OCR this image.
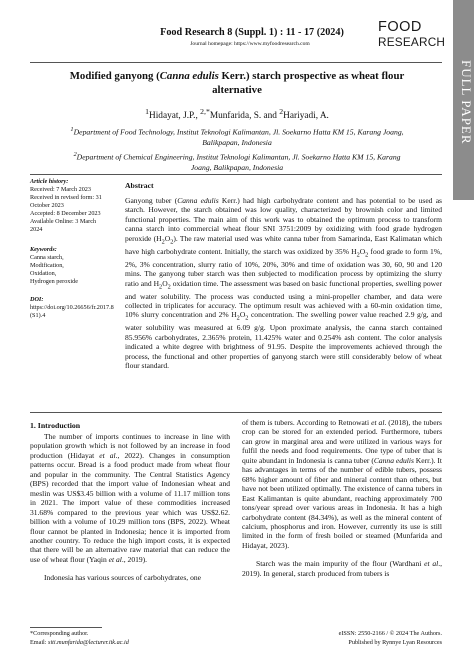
Food Research 8 (Suppl. 1) : 11 - 17 (2024)
Journal homepage: https://www.myfoodresearch.com
FOOD
RESEARCH
FULL PAPER
Modified ganyong (Canna edulis Kerr.) starch prospective as wheat flour
alternative
$^1$Hidayat, J.P., $^{2,*}$Munfarida, S. and $^2$Hariyadi, A.
$^1$Department of Food Technology, Institut Teknologi Kalimantan, Jl. Soekarno Hatta KM 15, Karang Joang,
Balikpapan, Indonesia
$^2$Department of Chemical Engineering, Institut Teknologi Kalimantan, Jl. Soekarno Hatta KM 15, Karang
Joang, Balikpapan, Indonesia
Article history:
Received: 7 March 2023
Received in revised form: 31
October 2023
Accepted: 8 December 2023
Available Online: 3 March
2024
Keywords:
Canna starch,
Modification,
Oxidation,
Hydrogen peroxide
DOI:
https://doi.org/10.26656/fr.2017.8(S1).4
Abstract
Ganyong tuber (Canna edulis Kerr.) had high carbohydrate content and has potential to be used as starch. However, the starch obtained was low quality, characterized by brownish color and limited functional properties. The main aim of this work was to obtained the optimum process to transform canna starch into commercial wheat flour SNI 3751:2009 by oxidizing with food grade hydrogen peroxide $(H_2O_2)$. The raw material used was white canna tuber from Samarinda, East Kalimatan which have high carbohydrate content. Initially, the starch was oxidized by 35% $H_2O_2$ food grade to form 1%, 2%, 3% concentration, slurry ratio of 10%, 20%, 30% and time of oxidation was 30, 60, 90 and 120 mins. The ganyong tuber starch was then subjected to modification process by optimizing the slurry ratio and $H_2O_2$ oxidation time. The assessment was based on basic functional properties, swelling power and water solubility. The process was conducted using a mini-propeller chamber, and data were collected in triplicates for accuracy. The optimum result was achieved with a 60-min oxidation time, 10% slurry concentration and 2% $H_2O_2$ concentration. The swelling power value reached 2.9 g/g, and water solubility was measured at 6.09 g/g. Upon proximate analysis, the canna starch contained 85.956% carbohydrates, 2.365% protein, 11.425% water and 0.254% ash content. The color analysis indicated a white degree with brightness of 91.95. Despite the improvements achieved through the process, the functional and other properties of ganyong starch were still considerably below of wheat flour standard.
1. Introduction

The number of imports continues to increase in line with population growth which is not followed by an increase in food production (Hidayat et al., 2022). Changes in consumption patterns occur. Bread is a food product made from wheat flour and popular in the community. The Central Statistics Agency (BPS) recorded that the import value of Indonesian wheat and meslin was US$3.45 billion with a volume of 11.17 million tons in 2021. The import value of these commodities increased 31.68% compared to the previous year which was US$2.62. billion with a volume of 10.29 million tons (BPS, 2022). Wheat flour cannot be planted in Indonesia; hence it is imported from another country. To reduce the high import costs, it is expected that there will be an alternative raw material that can reduce the use of wheat flour (Yaqin et al., 2019).

Indonesia has various sources of carbohydrates, one

of them is tubers. According to Retnowati et al. (2018), the tubers crop can be stored for an extended period. Furthermore, tubers can grow in marginal area and were utilized in various ways for fulfil the needs and food requirements. One type of tuber that is quite abundant in Indonesia is canna tuber (Canna edulis Kerr.). It has advantages in terms of the number of edible tubers, possess 68% higher amount of fiber and mineral content than others, but have not been utilized optimally. The existence of canna tubers in East Kalimantan is quite abundant, reaching approximately 700 tons/year spread over various areas in Indonesia. It has a high carbohydrate content (84.34%), as well as the mineral content of calcium, phosphorus and iron. However, currently its use is still limited in the form of fresh boiled or steamed (Munfarida and Hidayat, 2023).

Starch was the main impurity of the flour (Wardhani et al., 2019). In general, starch produced from tubers is

*Corresponding author.
Email: siti.munfarida@lecturer.itk.ac.id
eISSN: 2550-2166 / © 2024 The Authors.
Published by Rynnye Lyan Resources
